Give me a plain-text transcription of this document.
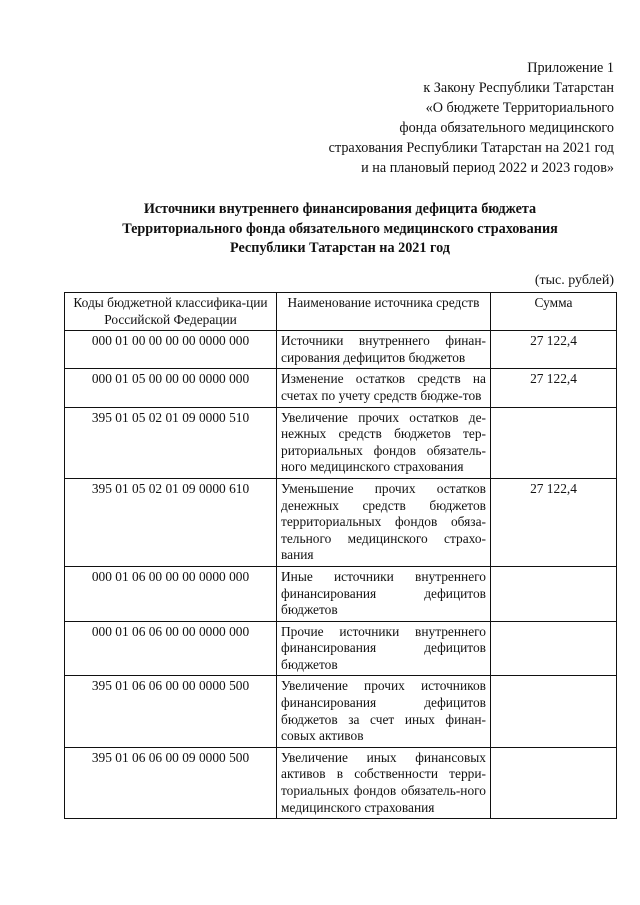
Приложение 1
к Закону Республики Татарстан
«О бюджете Территориального
фонда обязательного медицинского
страхования Республики Татарстан на 2021 год
и на плановый период 2022 и 2023 годов»
Источники внутреннего финансирования дефицита бюджета
Территориального фонда обязательного медицинского страхования
Республики Татарстан на 2021 год
(тыс. рублей)
Коды бюджетной классифика-ции Российской Федерации	Наименование источника средств	Сумма
000 01 00 00 00 00 0000 000	Источники внутреннего финан-сирования дефицитов бюджетов	27 122,4
000 01 05 00 00 00 0000 000	Изменение остатков средств на счетах по учету средств бюдже-тов	27 122,4
395 01 05 02 01 09 0000 510	Увеличение прочих остатков де-нежных средств бюджетов тер-риториальных фондов обязатель-ного медицинского страхования	
395 01 05 02 01 09 0000 610	Уменьшение прочих остатков денежных средств бюджетов территориальных фондов обяза-тельного медицинского страхо-вания	27 122,4
000 01 06 00 00 00 0000 000	Иные источники внутреннего финансирования дефицитов бюджетов	
000 01 06 06 00 00 0000 000	Прочие источники внутреннего финансирования дефицитов бюджетов	
395 01 06 06 00 00 0000 500	Увеличение прочих источников финансирования дефицитов бюджетов за счет иных финан-совых активов	
395 01 06 06 00 09 0000 500	Увеличение иных финансовых активов в собственности терри-ториальных фондов обязатель-ного медицинского страхования	
